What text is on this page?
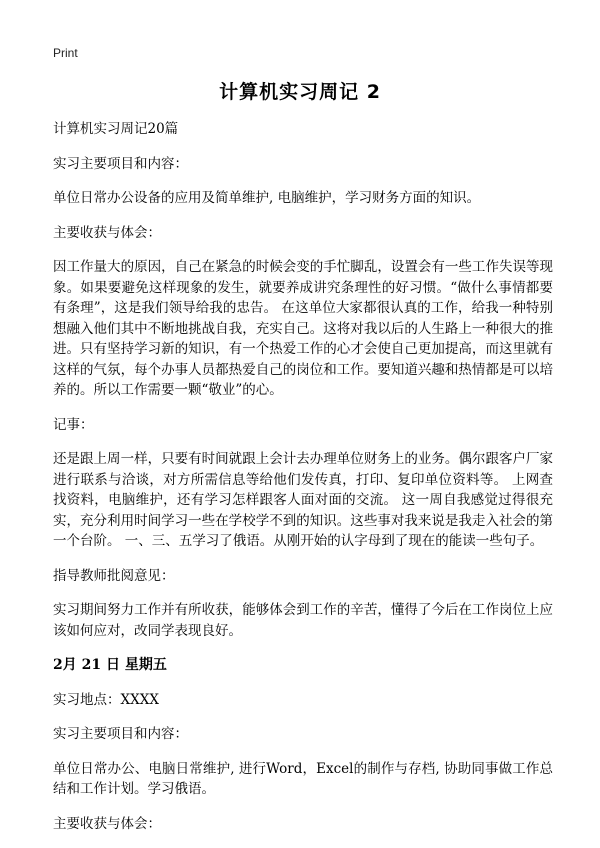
Print
计算机实习周记 2

计算机实习周记20篇

实习主要项目和内容：

单位日常办公设备的应用及简单维护, 电脑维护，学习财务方面的知识。

主要收获与体会：

因工作量大的原因，自己在紧急的时候会变的手忙脚乱，设置会有一些工作失误等现象。如果要避免这样现象的发生，就要养成讲究条理性的好习惯。“做什么事情都要有条理”，这是我们领导给我的忠告。 在这单位大家都很认真的工作，给我一种特别想融入他们其中不断地挑战自我，充实自己。这将对我以后的人生路上一种很大的推进。只有坚持学习新的知识，有一个热爱工作的心才会使自己更加提高，而这里就有这样的气氛，每个办事人员都热爱自己的岗位和工作。要知道兴趣和热情都是可以培养的。所以工作需要一颗“敬业”的心。

记事：

还是跟上周一样，只要有时间就跟上会计去办理单位财务上的业务。偶尔跟客户厂家进行联系与洽谈，对方所需信息等给他们发传真，打印、复印单位资料等。 上网查找资料，电脑维护，还有学习怎样跟客人面对面的交流。 这一周自我感觉过得很充实，充分利用时间学习一些在学校学不到的知识。这些事对我来说是我走入社会的第一个台阶。 一、三、五学习了俄语。从刚开始的认字母到了现在的能读一些句子。

指导教师批阅意见：

实习期间努力工作并有所收获，能够体会到工作的辛苦，懂得了今后在工作岗位上应该如何应对，改同学表现良好。

2月 21 日 星期五

实习地点：XXXX

实习主要项目和内容：

单位日常办公、电脑日常维护, 进行Word，Excel的制作与存档, 协助同事做工作总结和工作计划。学习俄语。

主要收获与体会：
